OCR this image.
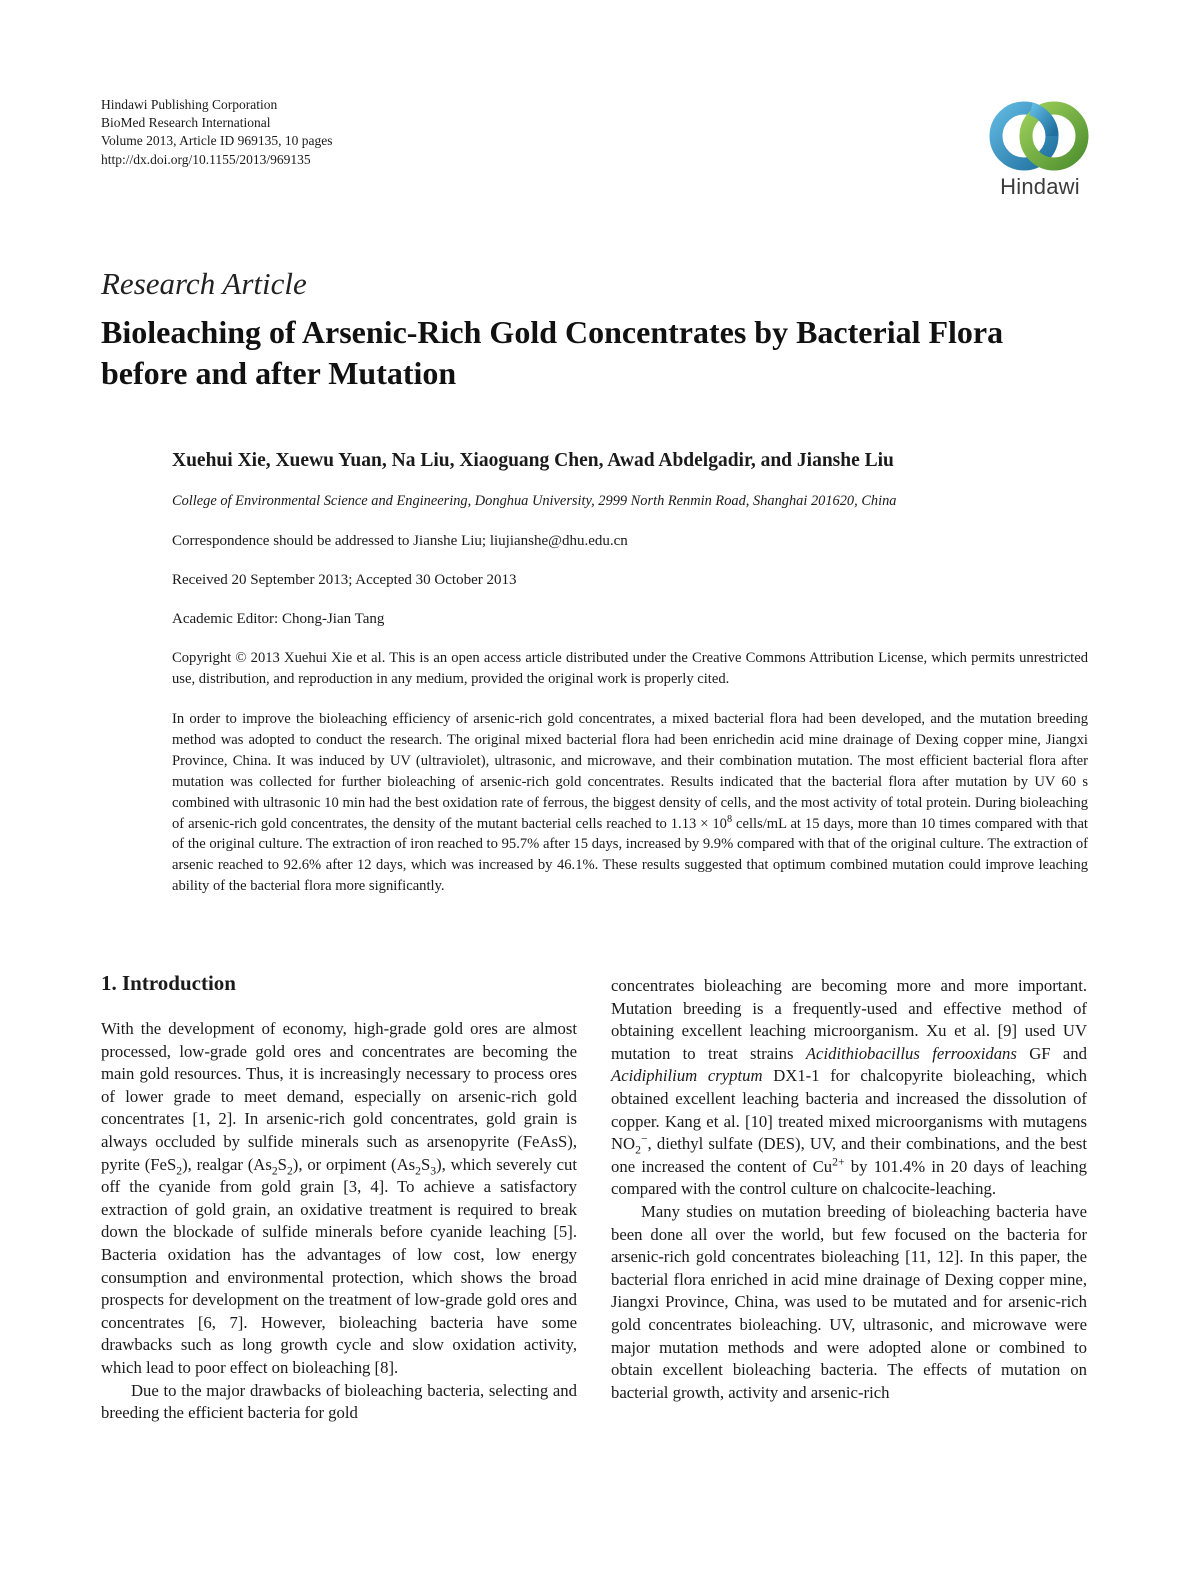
Hindawi Publishing Corporation
BioMed Research International
Volume 2013, Article ID 969135, 10 pages
http://dx.doi.org/10.1155/2013/969135
Hindawi
Research Article
Bioleaching of Arsenic-Rich Gold Concentrates by Bacterial Flora before and after Mutation
Xuehui Xie, Xuewu Yuan, Na Liu, Xiaoguang Chen, Awad Abdelgadir, and Jianshe Liu
College of Environmental Science and Engineering, Donghua University, 2999 North Renmin Road, Shanghai 201620, China
Correspondence should be addressed to Jianshe Liu; liujianshe@dhu.edu.cn
Received 20 September 2013; Accepted 30 October 2013
Academic Editor: Chong-Jian Tang
Copyright © 2013 Xuehui Xie et al. This is an open access article distributed under the Creative Commons Attribution License, which permits unrestricted use, distribution, and reproduction in any medium, provided the original work is properly cited.
In order to improve the bioleaching efficiency of arsenic-rich gold concentrates, a mixed bacterial flora had been developed, and the mutation breeding method was adopted to conduct the research. The original mixed bacterial flora had been enrichedin acid mine drainage of Dexing copper mine, Jiangxi Province, China. It was induced by UV (ultraviolet), ultrasonic, and microwave, and their combination mutation. The most efficient bacterial flora after mutation was collected for further bioleaching of arsenic-rich gold concentrates. Results indicated that the bacterial flora after mutation by UV 60 s combined with ultrasonic 10 min had the best oxidation rate of ferrous, the biggest density of cells, and the most activity of total protein. During bioleaching of arsenic-rich gold concentrates, the density of the mutant bacterial cells reached to $1.13 \times 10^8$ cells/mL at 15 days, more than 10 times compared with that of the original culture. The extraction of iron reached to 95.7% after 15 days, increased by 9.9% compared with that of the original culture. The extraction of arsenic reached to 92.6% after 12 days, which was increased by 46.1%. These results suggested that optimum combined mutation could improve leaching ability of the bacterial flora more significantly.
1. Introduction

With the development of economy, high-grade gold ores are almost processed, low-grade gold ores and concentrates are becoming the main gold resources. Thus, it is increasingly necessary to process ores of lower grade to meet demand, especially on arsenic-rich gold concentrates [1, 2]. In arsenic-rich gold concentrates, gold grain is always occluded by sulfide minerals such as arsenopyrite (FeAsS), pyrite (FeS$_2$), realgar $(As_2S_2)$, or orpiment $(As_2S_3)$, which severely cut off the cyanide from gold grain [3, 4]. To achieve a satisfactory extraction of gold grain, an oxidative treatment is required to break down the blockade of sulfide minerals before cyanide leaching [5]. Bacteria oxidation has the advantages of low cost, low energy consumption and environmental protection, which shows the broad prospects for development on the treatment of low-grade gold ores and concentrates [6, 7]. However, bioleaching bacteria have some drawbacks such as long growth cycle and slow oxidation activity, which lead to poor effect on bioleaching [8].

Due to the major drawbacks of bioleaching bacteria, selecting and breeding the efficient bacteria for gold

concentrates bioleaching are becoming more and more important. Mutation breeding is a frequently-used and effective method of obtaining excellent leaching microorganism. Xu et al. [9] used UV mutation to treat strains Acidithiobacillus ferrooxidans GF and Acidiphilium cryptum DX1-1 for chalcopyrite bioleaching, which obtained excellent leaching bacteria and increased the dissolution of copper. Kang et al. [10] treated mixed microorganisms with mutagens $NO_2^-$, diethyl sulfate (DES), UV, and their combinations, and the best one increased the content of $Cu^{2+}$ by 101.4% in 20 days of leaching compared with the control culture on chalcocite-leaching.

Many studies on mutation breeding of bioleaching bacteria have been done all over the world, but few focused on the bacteria for arsenic-rich gold concentrates bioleaching [11, 12]. In this paper, the bacterial flora enriched in acid mine drainage of Dexing copper mine, Jiangxi Province, China, was used to be mutated and for arsenic-rich gold concentrates bioleaching. UV, ultrasonic, and microwave were major mutation methods and were adopted alone or combined to obtain excellent bioleaching bacteria. The effects of mutation on bacterial growth, activity and arsenic-rich
